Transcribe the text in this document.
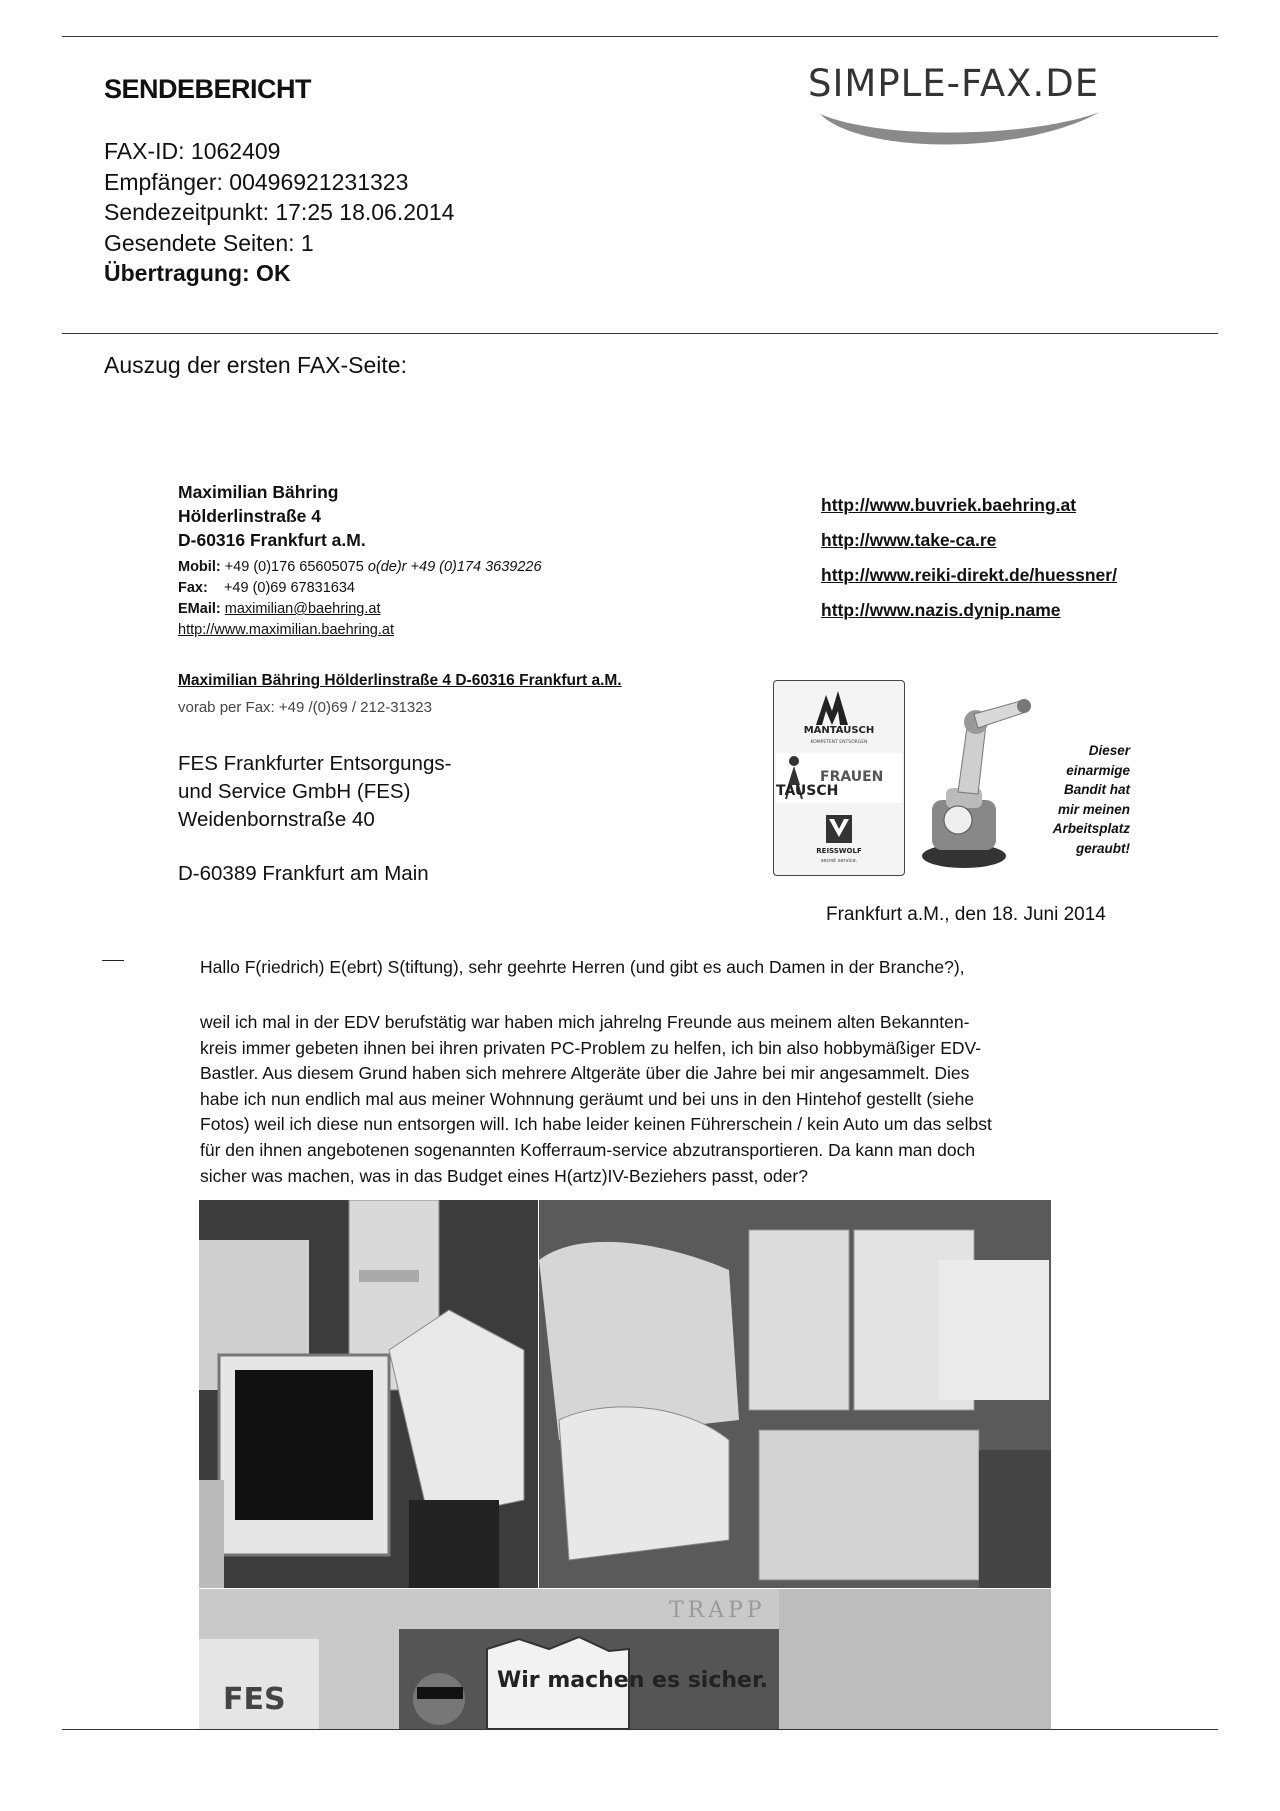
SENDEBERICHT	SIMPLE-FAX.DE
FAX-ID: 1062409
Empfänger: 00496921231323
Sendezeitpunkt: 17:25 18.06.2014
Gesendete Seiten: 1
Übertragung: OK
Auszug der ersten FAX-Seite:
Maximilian Bähring
Hölderlinstraße 4
D-60316 Frankfurt a.M.
Mobil: +49 (0)176 65605075 o(de)r +49 (0)174 3639226
Fax:    +49 (0)69 67831634
EMail: maximilian@baehring.at
http://www.maximilian.baehring.at
http://www.buvriek.baehring.at
http://www.take-ca.re
http://www.reiki-direkt.de/huessner/
http://www.nazis.dynip.name
Maximilian Bähring Hölderlinstraße 4 D-60316 Frankfurt a.M.
vorab per Fax: +49 /(0)69 / 212-31323
FES Frankfurter Entsorgungs-
und Service GmbH (FES)
Weidenbornstraße 40
D-60389 Frankfurt am Main
MANTAUSCH
KOMPETENT ENTSORGEN
FRAUEN
TAUSCH
REISSWOLF
secret service.
Dieser
einarmige
Bandit hat
mir meinen
Arbeitsplatz
geraubt!
Frankfurt a.M., den 18. Juni 2014
Hallo F(riedrich) E(ebrt) S(tiftung), sehr geehrte Herren (und gibt es auch Damen in der Branche?),
weil ich mal in der EDV berufstätig war haben mich jahrelng Freunde aus meinem alten Bekannten-
kreis immer gebeten ihnen bei ihren privaten PC-Problem zu helfen, ich bin also hobbymäßiger EDV-
Bastler. Aus diesem Grund haben sich mehrere Altgeräte über die Jahre bei mir angesammelt. Dies
habe ich nun endlich mal aus meiner Wohnnung geräumt und bei uns in den Hintehof gestellt (siehe
Fotos) weil ich diese nun entsorgen will. Ich habe leider keinen Führerschein / kein Auto um das selbst
für den ihnen angebotenen sogenannten Kofferraum-service abzutransportieren. Da kann man doch
sicher was machen, was in das Budget eines H(artz)IV-Beziehers passt, oder?
FES
TRAPP
Wir machen es sicher.
